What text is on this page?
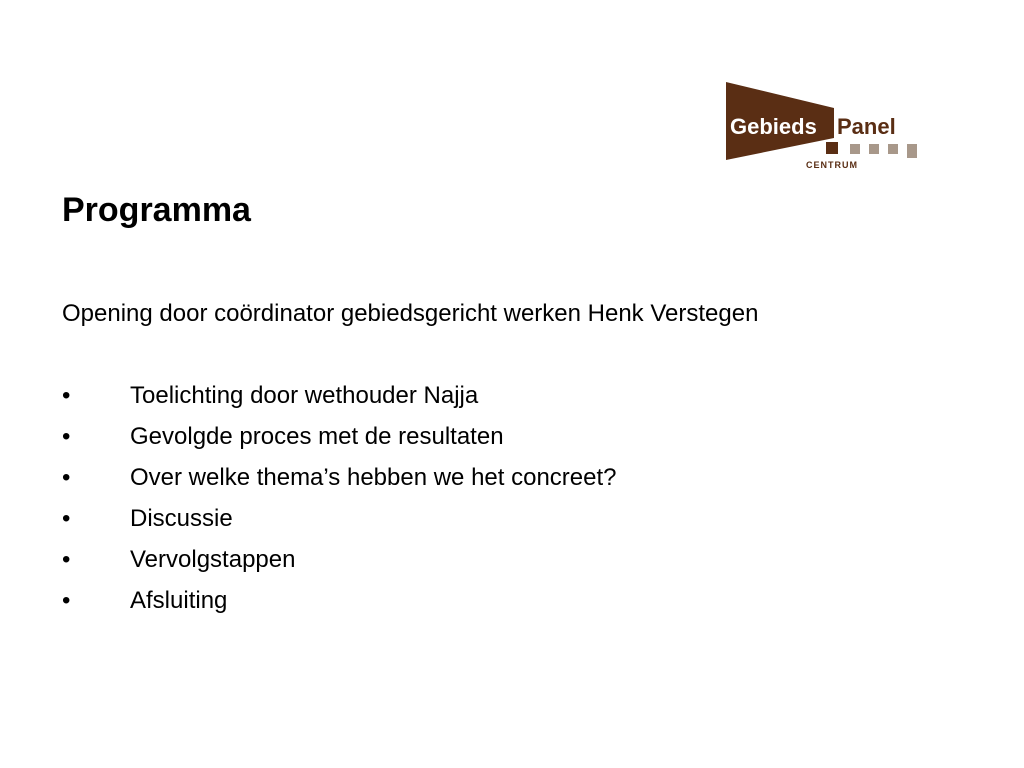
Gebieds Panel
CENTRUM
Programma

Opening door coördinator gebiedsgericht werken Henk Verstegen

•	Toelichting door wethouder Najja
•	Gevolgde proces met de resultaten
•	Over welke thema’s hebben we het concreet?
•	Discussie
•	Vervolgstappen
•	Afsluiting
